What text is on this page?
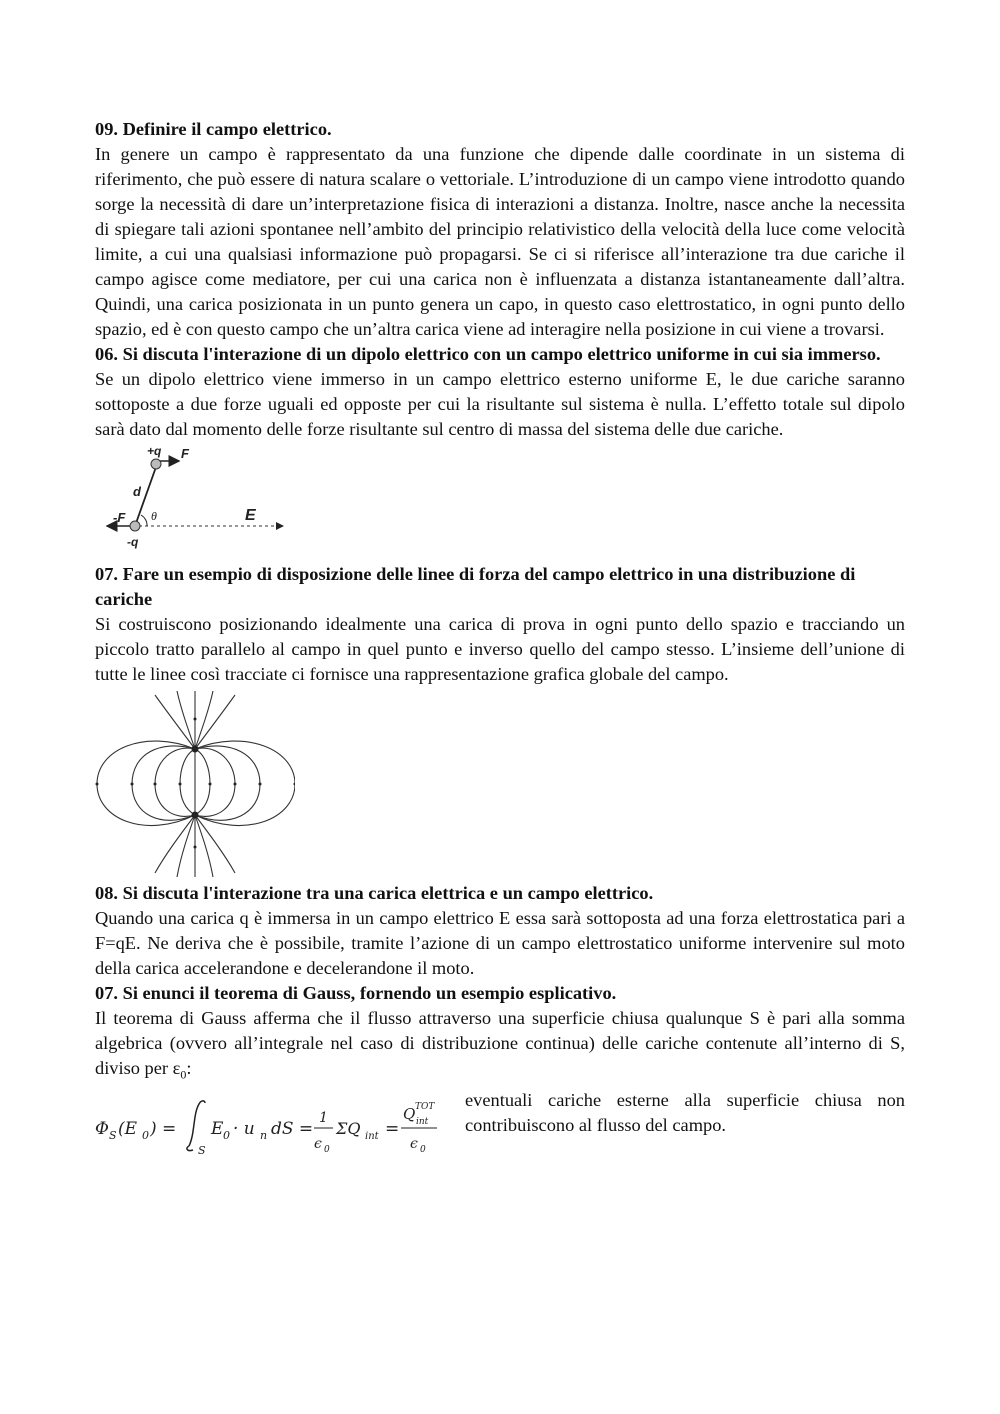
09. Definire il campo elettrico.

In genere un campo è rappresentato da una funzione che dipende dalle coordinate in un sistema di riferimento, che può essere di natura scalare o vettoriale. L’introduzione di un campo viene introdotto quando sorge la necessità di dare un’interpretazione fisica di interazioni a distanza. Inoltre, nasce anche la necessita di spiegare tali azioni spontanee nell’ambito del principio relativistico della velocità della luce come velocità limite, a cui una qualsiasi informazione può propagarsi. Se ci si riferisce all’interazione tra due cariche il campo agisce come mediatore, per cui una carica non è influenzata a distanza istantaneamente dall’altra. Quindi, una carica posizionata in un punto genera un capo, in questo caso elettrostatico, in ogni punto dello spazio, ed è con questo campo che un’altra carica viene ad interagire nella posizione in cui viene a trovarsi.

06. Si discuta l'interazione di un dipolo elettrico con un campo elettrico uniforme in cui sia immerso.

Se un dipolo elettrico viene immerso in un campo elettrico esterno uniforme E, le due cariche saranno sottoposte a due forze uguali ed opposte per cui la risultante sul sistema è nulla. L’effetto totale sul dipolo sarà dato dal momento delle forze risultante sul centro di massa del sistema delle due cariche.

+q
-q
F
-F
d
θ	E
07. Fare un esempio di disposizione delle linee di forza del campo elettrico in una distribuzione di cariche

Si costruiscono posizionando idealmente una carica di prova in ogni punto dello spazio e tracciando un piccolo tratto parallelo al campo in quel punto e inverso quello del campo stesso. L’insieme dell’unione di tutte le linee così tracciate ci fornisce una rappresentazione grafica globale del campo.

08. Si discuta l'interazione tra una carica elettrica e un campo elettrico.

Quando una carica q è immersa in un campo elettrico E essa sarà sottoposta ad una forza elettrostatica pari a F=qE. Ne deriva che è possibile, tramite l’azione di un campo elettrostatico uniforme intervenire sul moto della carica accelerandone e decelerandone il moto.

07. Si enunci il teorema di Gauss, fornendo un esempio esplicativo.

Il teorema di Gauss afferma che il flusso attraverso una superficie chiusa qualunque S è pari alla somma algebrica (ovvero all’integrale nel caso di distribuzione continua) delle cariche contenute all’interno di S, diviso per $\varepsilon_0$:

Φ S (E 0 ) =
S
E 0 · u n dS =
1
ϵ 0
ΣQ int =
Q TOT
int
ϵ 0
eventuali cariche esterne alla superficie chiusa non contribuiscono al flusso del campo.
